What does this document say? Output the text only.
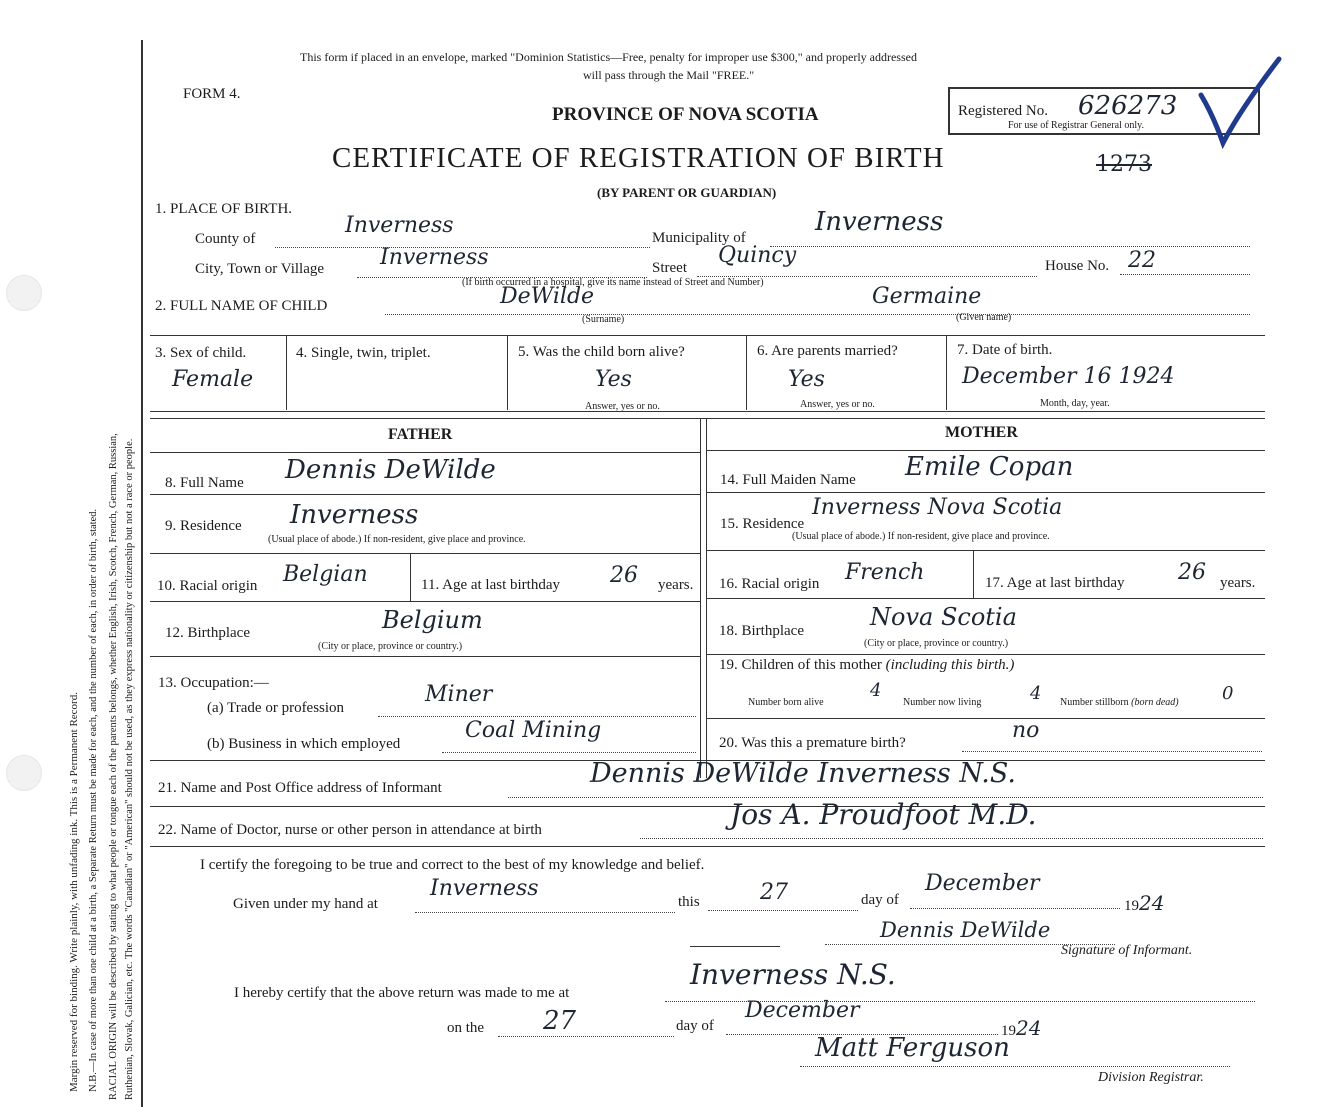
Margin reserved for binding. Write plainly, with unfading ink. This is a Permanent Record. N.B.—In case of more than one child at a birth, a Separate Return must be made for each, and the number of each, in order of birth, stated. RACIAL ORIGIN will be described by stating to what people or tongue each of the parents belongs, whether English, Irish, Scotch, French, German, Russian, Ruthenian, Slovak, Galician, etc. The words "Canadian" or "American" should not be used, as they express nationality or citizenship but not a race or people.
This form if placed in an envelope, marked "Dominion Statistics—Free, penalty for improper use $300," and properly addressed
will pass through the Mail "FREE."
FORM 4.
PROVINCE OF NOVA SCOTIA	Registered No. 626273
For use of Registrar General only.
CERTIFICATE OF REGISTRATION OF BIRTH	1273
(BY PARENT OR GUARDIAN)
1. PLACE OF BIRTH.
County of
Inverness	Municipality of
Inverness
City, Town or Village	Inverness	Street Quincy	House No. 22
(If birth occurred in a hospital, give its name instead of Street and Number)
2. FULL NAME OF CHILD	DeWilde	Germaine
(Surname)	(Given name)
3. Sex of child.
Female
4. Single, twin, triplet.	5. Was the child born alive?
Yes
Answer, yes or no.
6. Are parents married?
Yes
Answer, yes or no.
7. Date of birth.
December 16 1924
Month, day, year.
FATHER	MOTHER
8. Full Name Dennis DeWilde
9. Residence Inverness
(Usual place of abode.) If non-resident, give place and province.
10. Racial origin Belgian	11. Age at last birthday 26 years.
12. Birthplace	Belgium
(City or place, province or country.)
13. Occupation:—
(a) Trade or profession
Miner
(b) Business in which employed
Coal Mining
14. Full Maiden Name Emile Copan
15. Residence
Inverness Nova Scotia
(Usual place of abode.) If non-resident, give place and province.
16. Racial origin French	17. Age at last birthday 26 years.
18. Birthplace	Nova Scotia
(City or place, province or country.)
19. Children of this mother (including this birth.)
Number born alive
4
Number now living	4 Number stillborn (born dead) 0
20. Was this a premature birth?	no
21. Name and Post Office address of Informant	Dennis DeWilde Inverness N.S.
22. Name of Doctor, nurse or other person in attendance at birth	Jos A. Proudfoot M.D.
I certify the foregoing to be true and correct to the best of my knowledge and belief.
Given under my hand at
Inverness
this	27	day of
December
1924
Dennis DeWilde
Signature of Informant.
I hereby certify that the above return was made to me at
Inverness N.S.
on the 27	day of
December
1924
Matt Ferguson
Division Registrar.
